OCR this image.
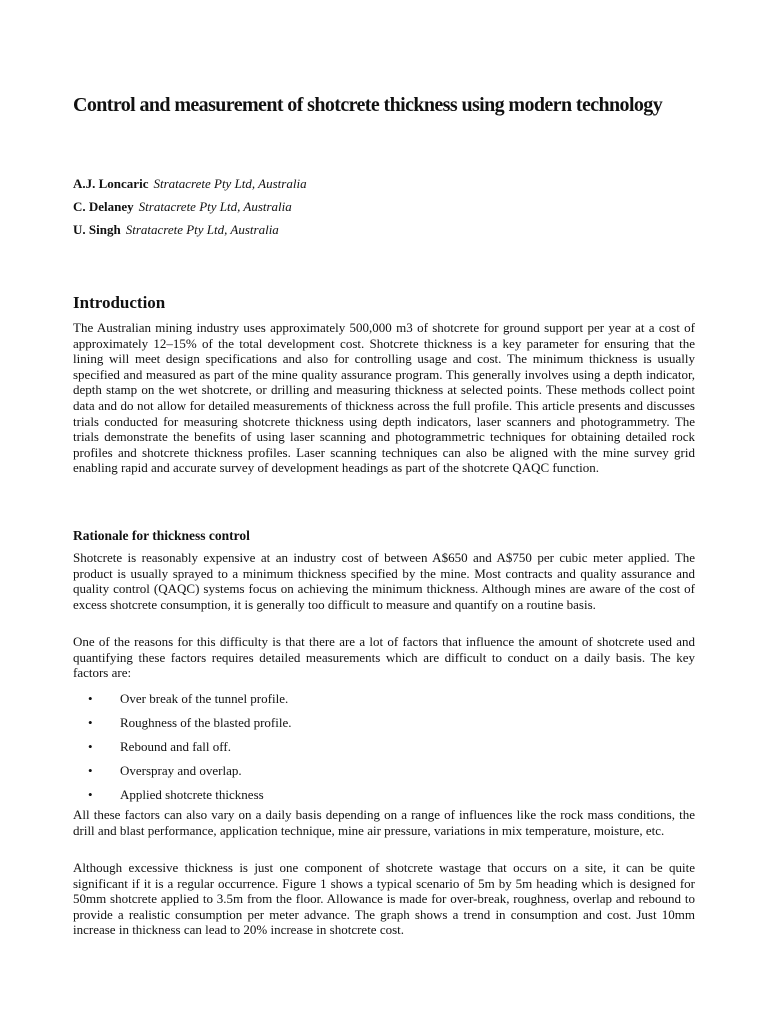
Control and measurement of shotcrete thickness using modern technology
A.J. Loncaric Stratacrete Pty Ltd, Australia
C. Delaney Stratacrete Pty Ltd, Australia
U. Singh Stratacrete Pty Ltd, Australia
Introduction

The Australian mining industry uses approximately 500,000 m3 of shotcrete for ground support per year at a cost of approximately 12–15% of the total development cost. Shotcrete thickness is a key parameter for ensuring that the lining will meet design specifications and also for controlling usage and cost. The minimum thickness is usually specified and measured as part of the mine quality assurance program. This generally involves using a depth indicator, depth stamp on the wet shotcrete, or drilling and measuring thickness at selected points. These methods collect point data and do not allow for detailed measurements of thickness across the full profile. This article presents and discusses trials conducted for measuring shotcrete thickness using depth indicators, laser scanners and photogrammetry. The trials demonstrate the benefits of using laser scanning and photogrammetric techniques for obtaining detailed rock profiles and shotcrete thickness profiles. Laser scanning techniques can also be aligned with the mine survey grid enabling rapid and accurate survey of development headings as part of the shotcrete QAQC function.

Rationale for thickness control

Shotcrete is reasonably expensive at an industry cost of between A$650 and A$750 per cubic meter applied. The product is usually sprayed to a minimum thickness specified by the mine. Most contracts and quality assurance and quality control (QAQC) systems focus on achieving the minimum thickness. Although mines are aware of the cost of excess shotcrete consumption, it is generally too difficult to measure and quantify on a routine basis.

One of the reasons for this difficulty is that there are a lot of factors that influence the amount of shotcrete used and quantifying these factors requires detailed measurements which are difficult to conduct on a daily basis. The key factors are:

• Over break of the tunnel profile.
• Roughness of the blasted profile.
• Rebound and fall off.
• Overspray and overlap.
• Applied shotcrete thickness

All these factors can also vary on a daily basis depending on a range of influences like the rock mass conditions, the drill and blast performance, application technique, mine air pressure, variations in mix temperature, moisture, etc.

Although excessive thickness is just one component of shotcrete wastage that occurs on a site, it can be quite significant if it is a regular occurrence. Figure 1 shows a typical scenario of 5m by 5m heading which is designed for 50mm shotcrete applied to 3.5m from the floor. Allowance is made for over-break, roughness, overlap and rebound to provide a realistic consumption per meter advance. The graph shows a trend in consumption and cost. Just 10mm increase in thickness can lead to 20% increase in shotcrete cost.
